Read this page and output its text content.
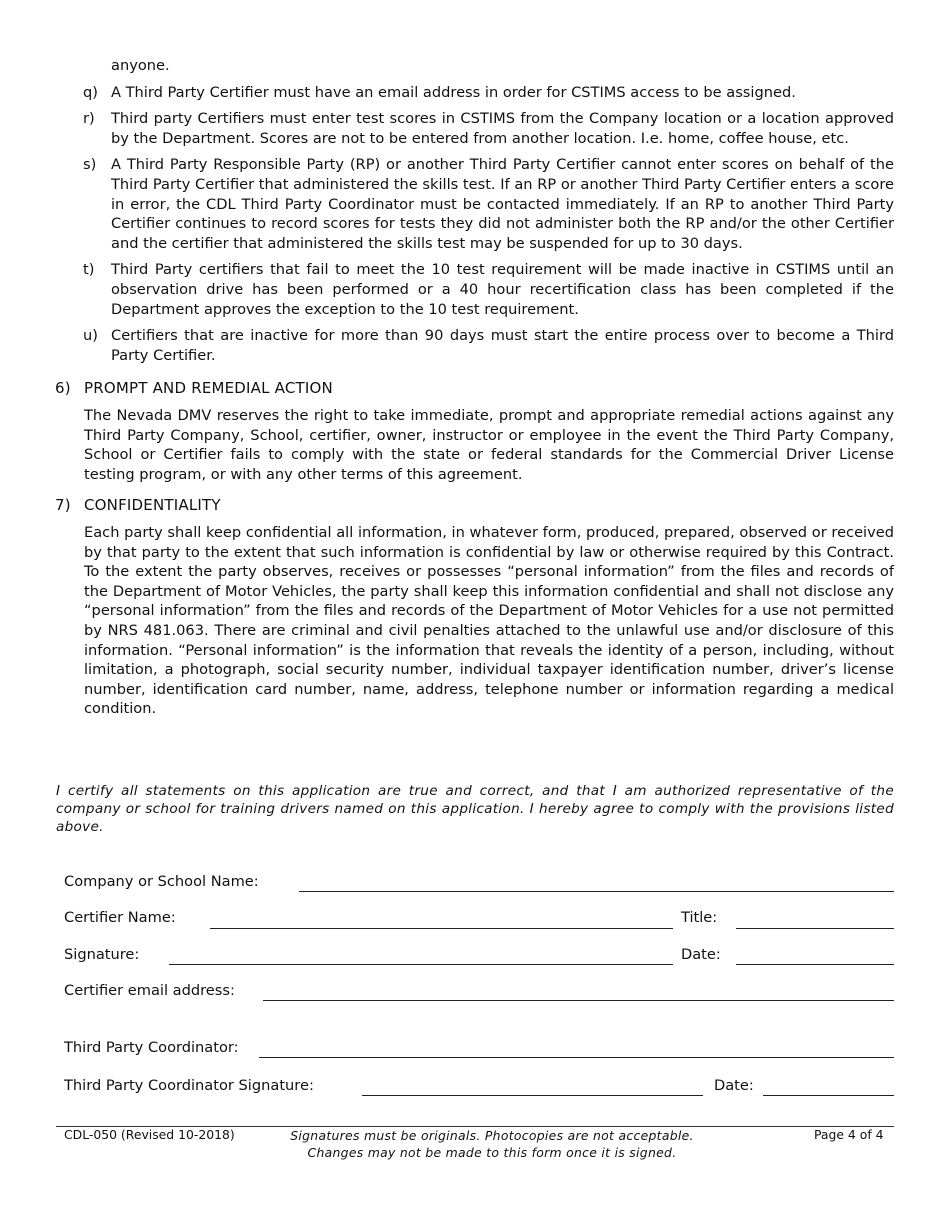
anyone.
q) A Third Party Certifier must have an email address in order for CSTIMS access to be assigned.
r) Third party Certifiers must enter test scores in CSTIMS from the Company location or a location approved by the Department. Scores are not to be entered from another location. I.e. home, coffee house, etc.
s) A Third Party Responsible Party (RP) or another Third Party Certifier cannot enter scores on behalf of the Third Party Certifier that administered the skills test. If an RP or another Third Party Certifier enters a score in error, the CDL Third Party Coordinator must be contacted immediately. If an RP to another Third Party Certifier continues to record scores for tests they did not administer both the RP and/or the other Certifier and the certifier that administered the skills test may be suspended for up to 30 days.
t) Third Party certifiers that fail to meet the 10 test requirement will be made inactive in CSTIMS until an observation drive has been performed or a 40 hour recertification class has been completed if the Department approves the exception to the 10 test requirement.
u) Certifiers that are inactive for more than 90 days must start the entire process over to become a Third Party Certifier.
6) PROMPT AND REMEDIAL ACTION
The Nevada DMV reserves the right to take immediate, prompt and appropriate remedial actions against any Third Party Company, School, certifier, owner, instructor or employee in the event the Third Party Company, School or Certifier fails to comply with the state or federal standards for the Commercial Driver License testing program, or with any other terms of this agreement.
7) CONFIDENTIALITY
Each party shall keep confidential all information, in whatever form, produced, prepared, observed or received by that party to the extent that such information is confidential by law or otherwise required by this Contract. To the extent the party observes, receives or possesses “personal information” from the files and records of the Department of Motor Vehicles, the party shall keep this information confidential and shall not disclose any “personal information” from the files and records of the Department of Motor Vehicles for a use not permitted by NRS 481.063. There are criminal and civil penalties attached to the unlawful use and/or disclosure of this information. “Personal information” is the information that reveals the identity of a person, including, without limitation, a photograph, social security number, individual taxpayer identification number, driver’s license number, identification card number, name, address, telephone number or information regarding a medical condition.
I certify all statements on this application are true and correct, and that I am authorized representative of the company or school for training drivers named on this application. I hereby agree to comply with the provisions listed above.
Company or School Name:
Certifier Name:	Title:
Signature:	Date:
Certifier email address:
Third Party Coordinator:
Third Party Coordinator Signature:	Date:
CDL-050 (Revised 10-2018)	Signatures must be originals. Photocopies are not acceptable.
Changes may not be made to this form once it is signed.
Page 4 of 4
